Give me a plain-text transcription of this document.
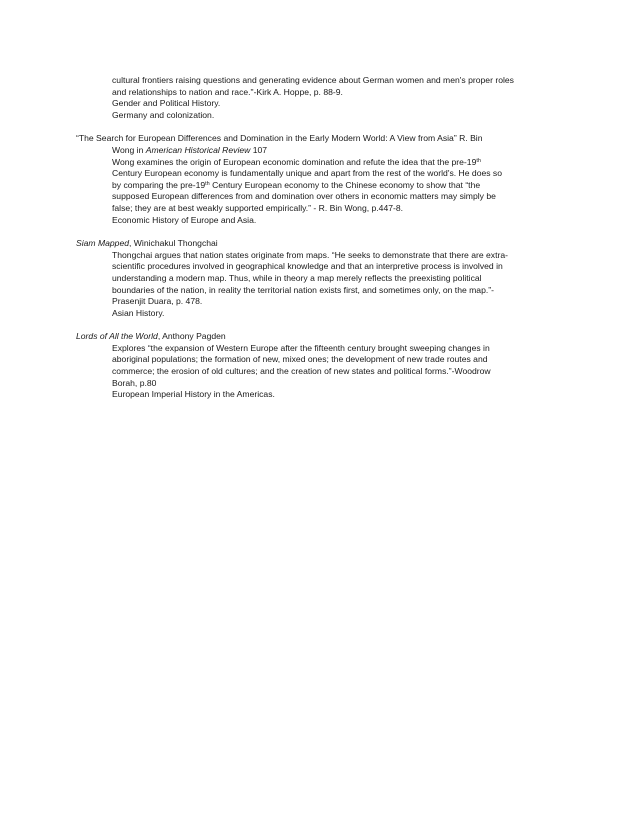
cultural frontiers raising questions and generating evidence about German women and men's proper roles
and relationships to nation and race."-Kirk A. Hoppe, p. 88-9.
Gender and Political History.
Germany and colonization.
“The Search for European Differences and Domination in the Early Modern World: A View from Asia” R. Bin
Wong in American Historical Review 107
Wong examines the origin of European economic domination and refute the idea that the pre-19th
Century European economy is fundamentally unique and apart from the rest of the world's. He does so
by comparing the pre-19th Century European economy to the Chinese economy to show that “the
supposed European differences from and domination over others in economic matters may simply be
false; they are at best weakly supported empirically.” - R. Bin Wong, p.447-8.
Economic History of Europe and Asia.
Siam Mapped, Winichakul Thongchai
Thongchai argues that nation states originate from maps. “He seeks to demonstrate that there are extra-
scientific procedures involved in geographical knowledge and that an interpretive process is involved in
understanding a modern map. Thus, while in theory a map merely reflects the preexisting political
boundaries of the nation, in reality the territorial nation exists first, and sometimes only, on the map.”-
Prasenjit Duara, p. 478.
Asian History.
Lords of All the World, Anthony Pagden
Explores “the expansion of Western Europe after the fifteenth century brought sweeping changes in
aboriginal populations; the formation of new, mixed ones; the development of new trade routes and
commerce; the erosion of old cultures; and the creation of new states and political forms.”-Woodrow
Borah, p.80
European Imperial History in the Americas.
